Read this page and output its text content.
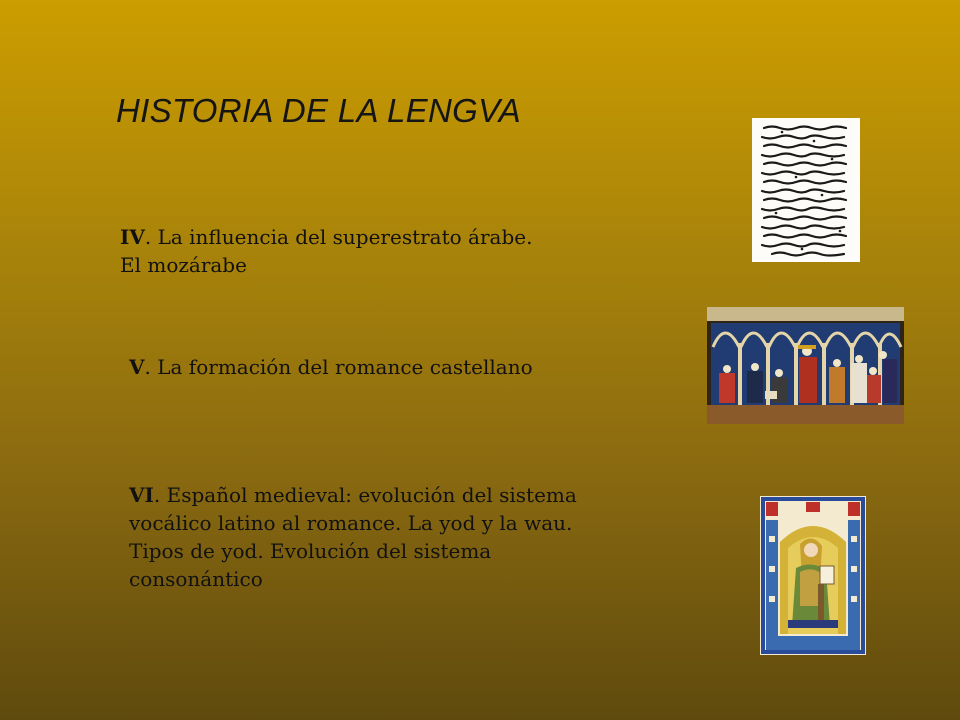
HISTORIA DE LA LENGVA
IV. La influencia del superestrato árabe. El mozárabe
V. La formación del romance castellano
VI. Español medieval: evolución del sistema vocálico latino al romance. La yod y la wau. Tipos de yod. Evolución del sistema consonántico
